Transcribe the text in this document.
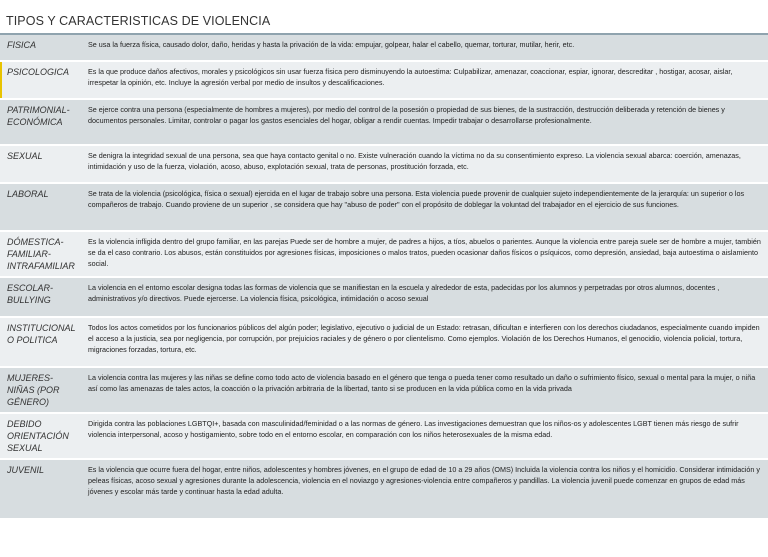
TIPOS Y CARACTERISTICAS DE VIOLENCIA
FISICA	Se usa la fuerza física, causado dolor, daño, heridas y hasta la privación de la vida: empujar, golpear, halar el cabello, quemar, torturar, mutilar, herir, etc.
PSICOLOGICA	Es la que produce daños afectivos, morales y psicológicos sin usar fuerza física pero disminuyendo la autoestima: Culpabilizar, amenazar, coaccionar, espiar, ignorar, descreditar , hostigar, acosar, aislar, irrespetar la opinión, etc. Incluye la agresión verbal por medio de insultos y descalificaciones.
PATRIMONIAL-ECONÓMICA	Se ejerce contra una persona (especialmente de hombres a mujeres), por medio del control de la posesión o propiedad de sus bienes, de la sustracción, destrucción deliberada y retención de bienes y documentos personales. Limitar, controlar o pagar los gastos esenciales del hogar, obligar a rendir cuentas. Impedir trabajar o desarrollarse profesionalmente.
SEXUAL	Se denigra la integridad sexual de una persona, sea que haya contacto genital o no. Existe vulneración cuando la víctima no da su consentimiento expreso. La violencia sexual abarca: coerción, amenazas, intimidación y uso de la fuerza, violación, acoso, abuso, explotación sexual, trata de personas, prostitución forzada, etc.
LABORAL	Se trata de la violencia (psicológica, física o sexual) ejercida en el lugar de trabajo sobre una persona. Esta violencia puede provenir de cualquier sujeto independientemente de la jerarquía: un superior o los compañeros de trabajo. Cuando proviene de un superior , se considera que hay "abuso de poder" con el propósito de doblegar la voluntad del trabajador en el ejercicio de sus funciones.
DÓMESTICA-FAMILIAR-INTRAFAMILIAR	Es la violencia infligida dentro del grupo familiar, en las parejas Puede ser de hombre a mujer, de padres a hijos, a tíos, abuelos o parientes. Aunque la violencia entre pareja suele ser de hombre a mujer, también se da el caso contrario. Los abusos, están constituidos por agresiones físicas, imposiciones o malos tratos, pueden ocasionar daños físicos o psíquicos, como depresión, ansiedad, baja autoestima o aislamiento social.
ESCOLAR-BULLYING	La violencia en el entorno escolar designa todas las formas de violencia que se manifiestan en la escuela y alrededor de esta, padecidas por los alumnos y perpetradas por otros alumnos, docentes , administrativos y/o directivos. Puede ejercerse. La violencia física, psicológica, intimidación o acoso sexual
INSTITUCIONAL O POLITICA	Todos los actos cometidos por los funcionarios públicos del algún poder; legislativo, ejecutivo o judicial de un Estado: retrasan, dificultan e interfieren con los derechos ciudadanos, especialmente cuando impiden el acceso a la justicia, sea por negligencia, por corrupción, por prejuicios raciales y de género o por clientelismo. Como ejemplos. Violación de los Derechos Humanos, el genocidio, violencia policial, tortura, migraciones forzadas, tortura, etc.
MUJERES-NIÑAS (POR GÉNERO)	La violencia contra las mujeres y las niñas se define como todo acto de violencia basado en el género que tenga o pueda tener como resultado un daño o sufrimiento físico, sexual o mental para la mujer, o niña así como las amenazas de tales actos, la coacción o la privación arbitraria de la libertad, tanto si se producen en la vida pública como en la vida privada
DEBIDO ORIENTACIÓN SEXUAL	Dirigida contra las poblaciones LGBTQI+, basada con masculinidad/feminidad o a las normas de género. Las investigaciones demuestran que los niños-os y adolescentes LGBT tienen más riesgo de sufrir violencia interpersonal, acoso y hostigamiento, sobre todo en el entorno escolar, en comparación con los niños heterosexuales de la misma edad.
JUVENIL	Es la violencia que ocurre fuera del hogar, entre niños, adolescentes y hombres jóvenes, en el grupo de edad de 10 a 29 años (OMS) Incluida la violencia contra los niños y el homicidio. Considerar intimidación y peleas físicas, acoso sexual y agresiones durante la adolescencia, violencia en el noviazgo y agresiones-violencia entre compañeros y pandillas. La violencia juvenil puede comenzar en grupos de edad más jóvenes y escolar más tarde y continuar hasta la edad adulta.
